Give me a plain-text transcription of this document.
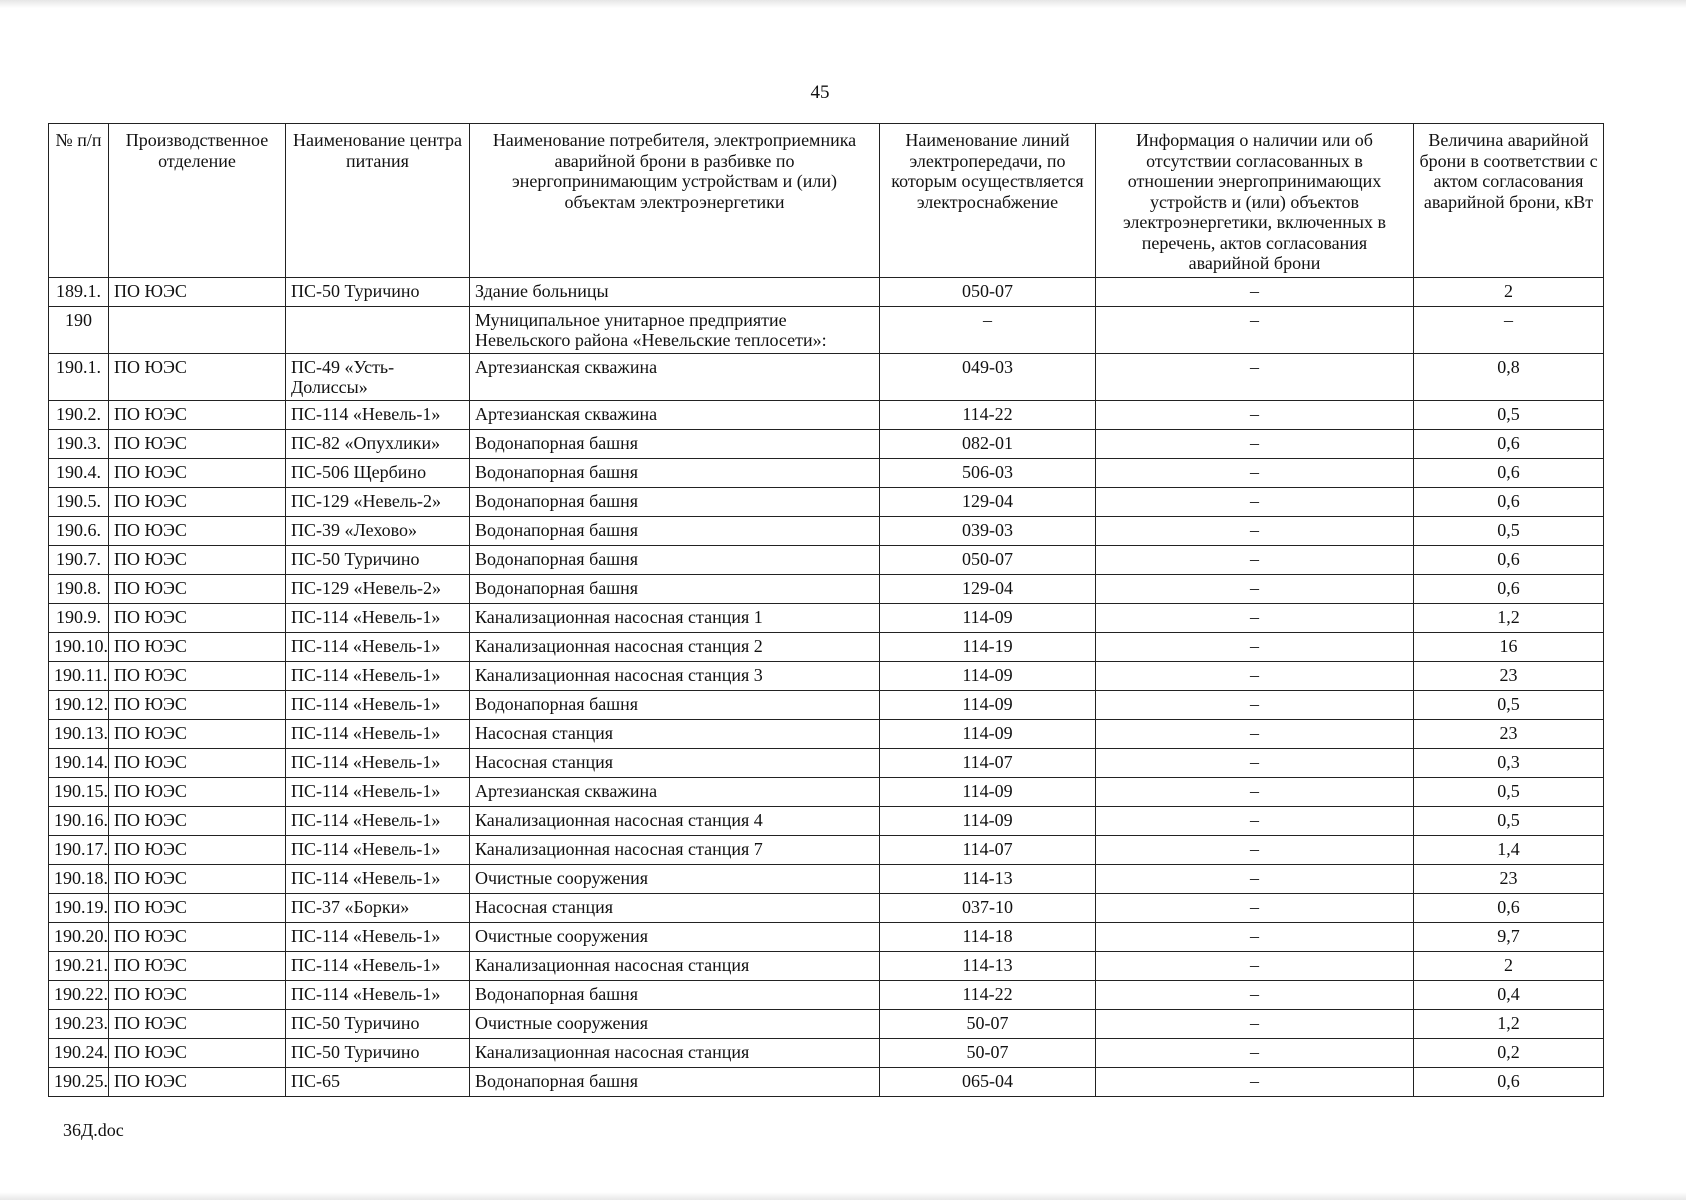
45
№ п/п	Производственное отделение	Наименование центра питания	Наименование потребителя, электроприемника аварийной брони в разбивке по энергопринимающим устройствам и (или) объектам электроэнергетики	Наименование линий электропередачи, по которым осуществляется электроснабжение	Информация о наличии или об отсутствии согласованных в отношении энергопринимающих устройств и (или) объектов электроэнергетики, включенных в перечень, актов согласования аварийной брони	Величина аварийной брони в соответствии с актом согласования аварийной брони, кВт
189.1.	ПО ЮЭС	ПС-50 Туричино	Здание больницы	050-07	–	2
190			Муниципальное унитарное предприятие Невельского района «Невельские теплосети»:	–	–	–
190.1.	ПО ЮЭС	ПС-49 «Усть-Долиссы»	Артезианская скважина	049-03	–	0,8
190.2.	ПО ЮЭС	ПС-114 «Невель-1»	Артезианская скважина	114-22	–	0,5
190.3.	ПО ЮЭС	ПС-82 «Опухлики»	Водонапорная башня	082-01	–	0,6
190.4.	ПО ЮЭС	ПС-506 Щербино	Водонапорная башня	506-03	–	0,6
190.5.	ПО ЮЭС	ПС-129 «Невель-2»	Водонапорная башня	129-04	–	0,6
190.6.	ПО ЮЭС	ПС-39 «Лехово»	Водонапорная башня	039-03	–	0,5
190.7.	ПО ЮЭС	ПС-50 Туричино	Водонапорная башня	050-07	–	0,6
190.8.	ПО ЮЭС	ПС-129 «Невель-2»	Водонапорная башня	129-04	–	0,6
190.9.	ПО ЮЭС	ПС-114 «Невель-1»	Канализационная насосная станция 1	114-09	–	1,2
190.10.	ПО ЮЭС	ПС-114 «Невель-1»	Канализационная насосная станция 2	114-19	–	16
190.11.	ПО ЮЭС	ПС-114 «Невель-1»	Канализационная насосная станция 3	114-09	–	23
190.12.	ПО ЮЭС	ПС-114 «Невель-1»	Водонапорная башня	114-09	–	0,5
190.13.	ПО ЮЭС	ПС-114 «Невель-1»	Насосная станция	114-09	–	23
190.14.	ПО ЮЭС	ПС-114 «Невель-1»	Насосная станция	114-07	–	0,3
190.15.	ПО ЮЭС	ПС-114 «Невель-1»	Артезианская скважина	114-09	–	0,5
190.16.	ПО ЮЭС	ПС-114 «Невель-1»	Канализационная насосная станция 4	114-09	–	0,5
190.17.	ПО ЮЭС	ПС-114 «Невель-1»	Канализационная насосная станция 7	114-07	–	1,4
190.18.	ПО ЮЭС	ПС-114 «Невель-1»	Очистные сооружения	114-13	–	23
190.19.	ПО ЮЭС	ПС-37 «Борки»	Насосная станция	037-10	–	0,6
190.20.	ПО ЮЭС	ПС-114 «Невель-1»	Очистные сооружения	114-18	–	9,7
190.21.	ПО ЮЭС	ПС-114 «Невель-1»	Канализационная насосная станция	114-13	–	2
190.22.	ПО ЮЭС	ПС-114 «Невель-1»	Водонапорная башня	114-22	–	0,4
190.23.	ПО ЮЭС	ПС-50 Туричино	Очистные сооружения	50-07	–	1,2
190.24.	ПО ЮЭС	ПС-50 Туричино	Канализационная насосная станция	50-07	–	0,2
190.25.	ПО ЮЭС	ПС-65	Водонапорная башня	065-04	–	0,6
36Д.doc
